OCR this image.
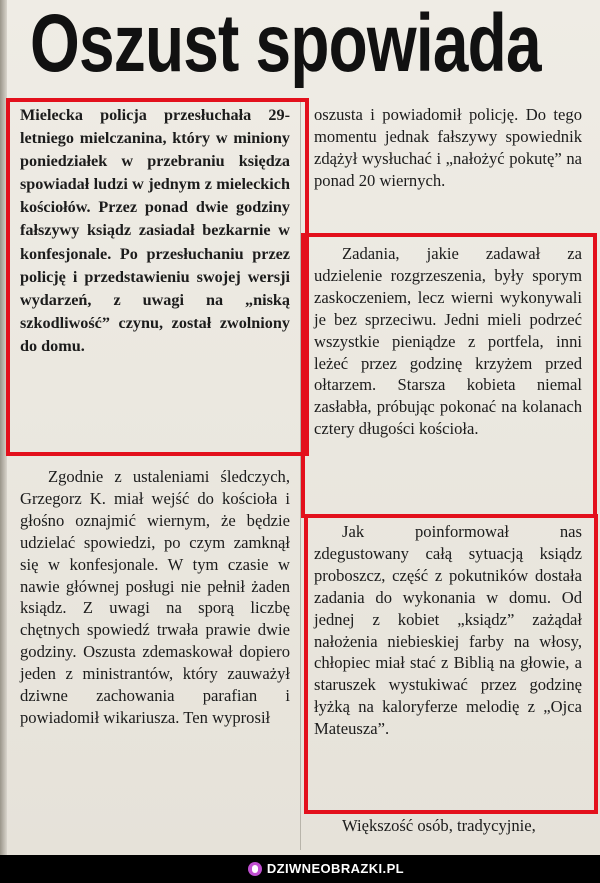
Oszust spowiada

Mielecka policja przesłuchała 29-letniego mielczanina, który w miniony poniedziałek w przebraniu księdza spowiadał ludzi w jednym z mieleckich kościołów. Przez ponad dwie godziny fałszywy ksiądz zasiadał bezkarnie w konfesjonale. Po przesłuchaniu przez policję i przedstawieniu swojej wersji wydarzeń, z uwagi na „niską szkodliwość” czynu, został zwolniony do domu.

Zgodnie z ustaleniami śledczych, Grzegorz K. miał wejść do kościoła i głośno oznajmić wiernym, że będzie udzielać spowiedzi, po czym zamknął się w konfesjonale. W tym czasie w nawie głównej posługi nie pełnił żaden ksiądz. Z uwagi na sporą liczbę chętnych spowiedź trwała prawie dwie godziny. Oszusta zdemaskował dopiero jeden z ministrantów, który zauważył dziwne zachowania parafian i powiadomił wikariusza. Ten wyprosił

oszusta i powiadomił policję. Do tego momentu jednak fałszywy spowiednik zdążył wysłuchać i „nałożyć pokutę” na ponad 20 wiernych.

Zadania, jakie zadawał za udzielenie rozgrzeszenia, były sporym zaskoczeniem, lecz wierni wykonywali je bez sprzeciwu. Jedni mieli podrzeć wszystkie pieniądze z portfela, inni leżeć przez godzinę krzyżem przed ołtarzem. Starsza kobieta niemal zasłabła, próbując pokonać na kolanach cztery długości kościoła.

Jak poinformował nas zdegustowany całą sytuacją ksiądz proboszcz, część z pokutników dostała zadania do wykonania w domu. Od jednej z kobiet „ksiądz” zażądał nałożenia niebieskiej farby na włosy, chłopiec miał stać z Biblią na głowie, a staruszek wystukiwać przez godzinę łyżką na kaloryferze melodię z „Ojca Mateusza”.

Większość osób, tradycyjnie,

DZIWNEOBRAZKI.PL
